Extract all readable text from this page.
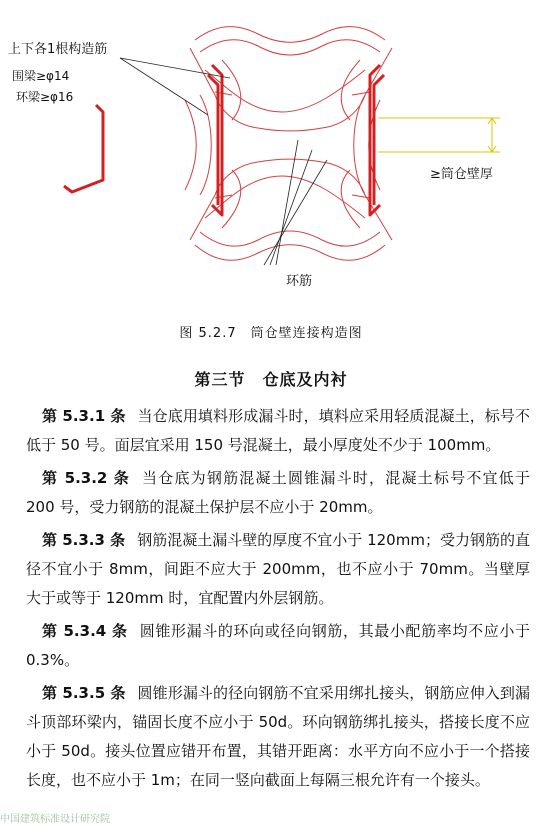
上下各1根构造筋
围梁≥φ14
环梁≥φ16
≥筒仓壁厚
环筋
图 5.2.7　筒仓壁连接构造图
第三节　仓底及内衬

第 5.3.1 条 当仓底用填料形成漏斗时，填料应采用轻质混凝土，标号不低于 50 号。面层宜采用 150 号混凝土，最小厚度处不少于 100mm。

第 5.3.2 条 当仓底为钢筋混凝土圆锥漏斗时，混凝土标号不宜低于 200 号，受力钢筋的混凝土保护层不应小于 20mm。

第 5.3.3 条 钢筋混凝土漏斗壁的厚度不宜小于 120mm；受力钢筋的直径不宜小于 8mm，间距不应大于 200mm，也不应小于 70mm。当壁厚大于或等于 120mm 时，宜配置内外层钢筋。

第 5.3.4 条 圆锥形漏斗的环向或径向钢筋，其最小配筋率均不应小于 0.3%。

第 5.3.5 条 圆锥形漏斗的径向钢筋不宜采用绑扎接头，钢筋应伸入到漏斗顶部环梁内，锚固长度不应小于 50d。环向钢筋绑扎接头，搭接长度不应小于 50d。接头位置应错开布置，其错开距离：水平方向不应小于一个搭接长度，也不应小于 1m；在同一竖向截面上每隔三根允许有一个接头。

中国建筑标准设计研究院
